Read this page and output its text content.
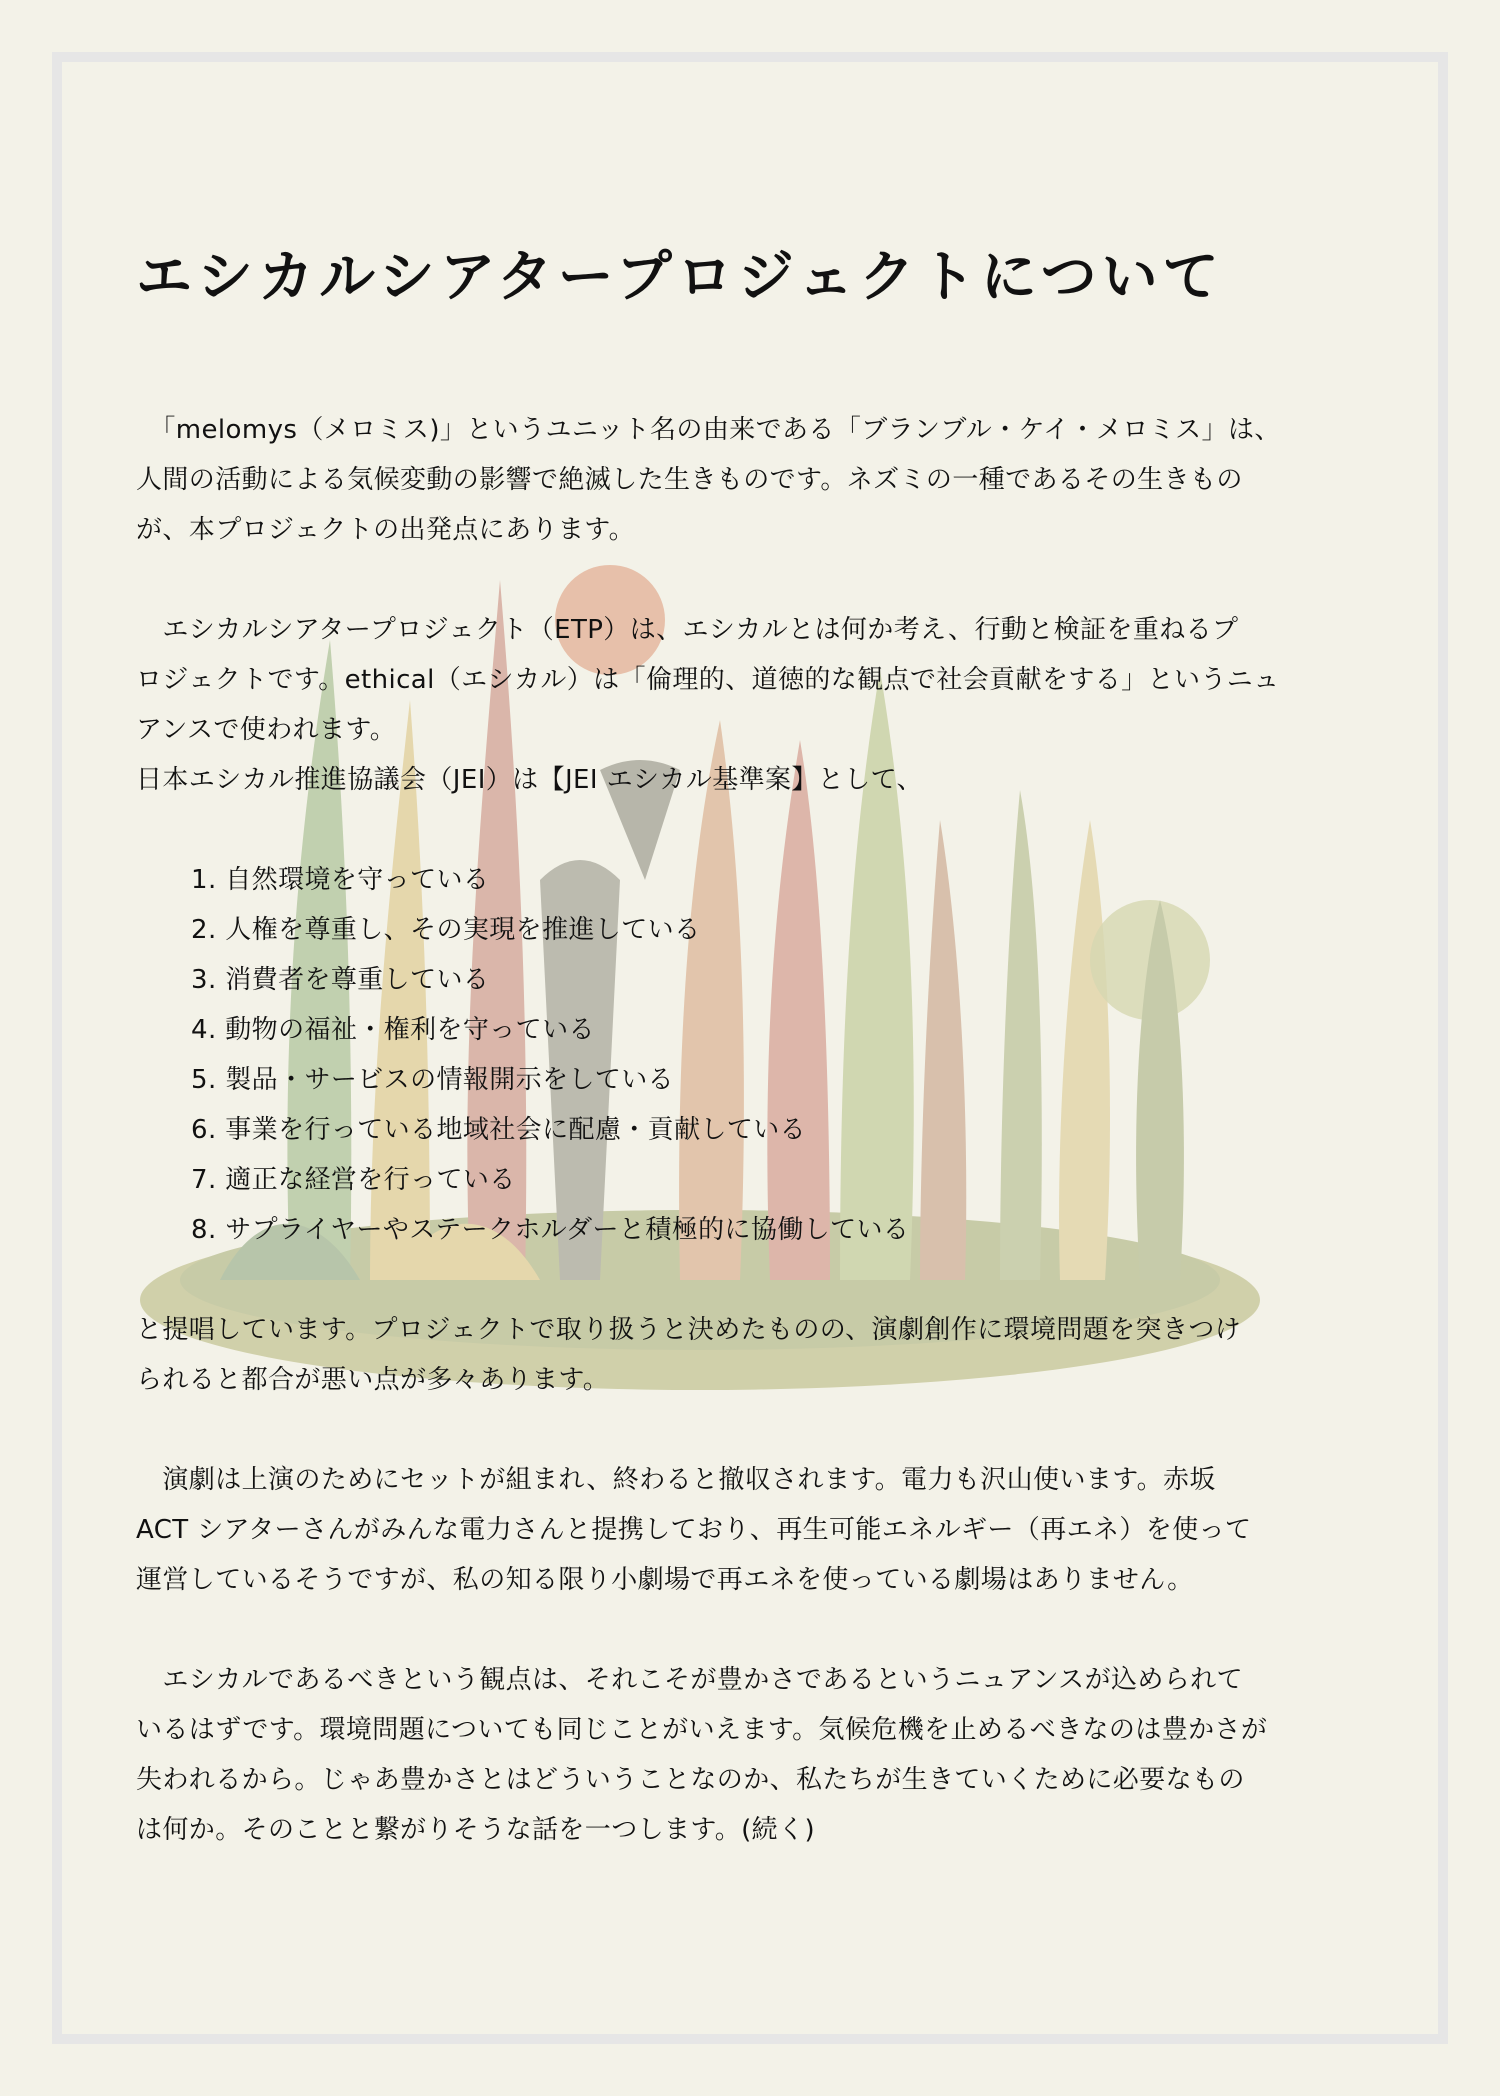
エシカルシアタープロジェクトについて

　「melomys（メロミス)」というユニット名の由来である「ブランブル・ケイ・メロミス」は、
人間の活動による気候変動の影響で絶滅した生きものです。ネズミの一種であるその生きもの
が、本プロジェクトの出発点にあります。

　エシカルシアタープロジェクト（ETP）は、エシカルとは何か考え、行動と検証を重ねるプ
ロジェクトです。ethical（エシカル）は「倫理的、道徳的な観点で社会貢献をする」というニュ
アンスで使われます。
日本エシカル推進協議会（JEI）は【JEI エシカル基準案】として、

1. 自然環境を守っている
2. 人権を尊重し、その実現を推進している
3. 消費者を尊重している
4. 動物の福祉・権利を守っている
5. 製品・サービスの情報開示をしている
6. 事業を行っている地域社会に配慮・貢献している
7. 適正な経営を行っている
8. サプライヤーやステークホルダーと積極的に協働している

と提唱しています。プロジェクトで取り扱うと決めたものの、演劇創作に環境問題を突きつけ
られると都合が悪い点が多々あります。

　演劇は上演のためにセットが組まれ、終わると撤収されます。電力も沢山使います。赤坂
ACT シアターさんがみんな電力さんと提携しており、再生可能エネルギー（再エネ）を使って
運営しているそうですが、私の知る限り小劇場で再エネを使っている劇場はありません。

　エシカルであるべきという観点は、それこそが豊かさであるというニュアンスが込められて
いるはずです。環境問題についても同じことがいえます。気候危機を止めるべきなのは豊かさが
失われるから。じゃあ豊かさとはどういうことなのか、私たちが生きていくために必要なもの
は何か。そのことと繋がりそうな話を一つします。(続く)
